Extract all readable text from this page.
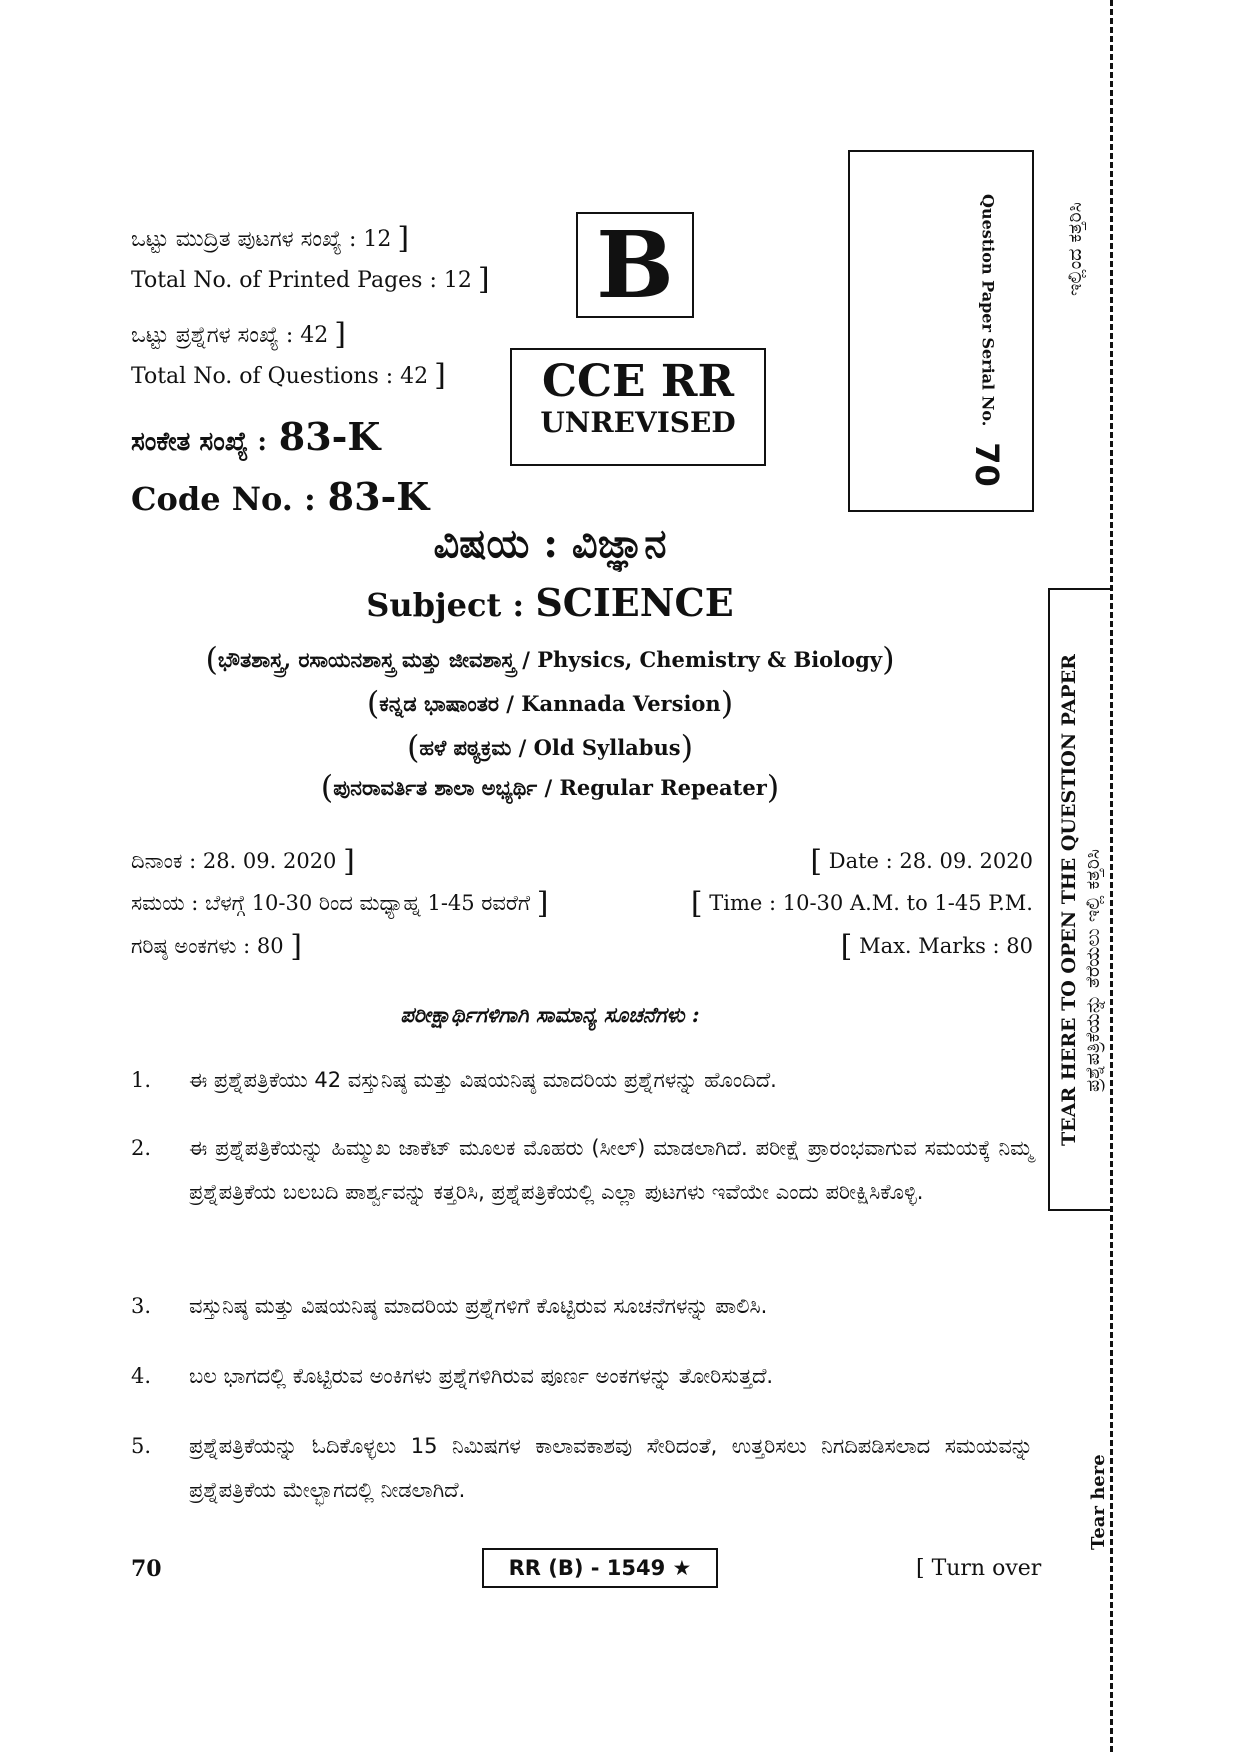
ಒಟ್ಟು ಮುದ್ರಿತ ಪುಟಗಳ ಸಂಖ್ಯೆ : 12 ]
Total No. of Printed Pages : 12 ]
ಒಟ್ಟು ಪ್ರಶ್ನೆಗಳ ಸಂಖ್ಯೆ : 42 ]
Total No. of Questions : 42 ]
ಸಂಕೇತ ಸಂಖ್ಯೆ : 83-K
Code No. : 83-K
B
CCE RR
UNREVISED	Question Paper Serial No.70
ವಿಷಯ : ವಿಜ್ಞಾನ
Subject : SCIENCE
(ಭೌತಶಾಸ್ತ್ರ, ರಸಾಯನಶಾಸ್ತ್ರ ಮತ್ತು ಜೀವಶಾಸ್ತ್ರ / Physics, Chemistry & Biology)
(ಕನ್ನಡ ಭಾಷಾಂತರ / Kannada Version)
(ಹಳೆ ಪಠ್ಯಕ್ರಮ / Old Syllabus)
(ಪುನರಾವರ್ತಿತ ಶಾಲಾ ಅಭ್ಯರ್ಥಿ / Regular Repeater)
ದಿನಾಂಕ : 28. 09. 2020 ]	[ Date : 28. 09. 2020
ಸಮಯ : ಬೆಳಗ್ಗೆ 10-30 ರಿಂದ ಮಧ್ಯಾಹ್ನ 1-45 ರವರೆಗೆ ]	[ Time : 10-30 A.M. to 1-45 P.M.
ಗರಿಷ್ಠ ಅಂಕಗಳು : 80 ]	[ Max. Marks : 80
ಪರೀಕ್ಷಾರ್ಥಿಗಳಿಗಾಗಿ ಸಾಮಾನ್ಯ ಸೂಚನೆಗಳು :
1. ಈ ಪ್ರಶ್ನೆಪತ್ರಿಕೆಯು 42 ವಸ್ತುನಿಷ್ಠ ಮತ್ತು ವಿಷಯನಿಷ್ಠ ಮಾದರಿಯ ಪ್ರಶ್ನೆಗಳನ್ನು ಹೊಂದಿದೆ.
2. ಈ ಪ್ರಶ್ನೆಪತ್ರಿಕೆಯನ್ನು ಹಿಮ್ಮುಖ ಜಾಕೆಟ್ ಮೂಲಕ ಮೊಹರು (ಸೀಲ್) ಮಾಡಲಾಗಿದೆ. ಪರೀಕ್ಷೆ ಪ್ರಾರಂಭವಾಗುವ ಸಮಯಕ್ಕೆ ನಿಮ್ಮ ಪ್ರಶ್ನೆಪತ್ರಿಕೆಯ ಬಲಬದಿ ಪಾರ್ಶ್ವವನ್ನು ಕತ್ತರಿಸಿ, ಪ್ರಶ್ನೆಪತ್ರಿಕೆಯಲ್ಲಿ ಎಲ್ಲಾ ಪುಟಗಳು ಇವೆಯೇ ಎಂದು ಪರೀಕ್ಷಿಸಿಕೊಳ್ಳಿ.
3. ವಸ್ತುನಿಷ್ಠ ಮತ್ತು ವಿಷಯನಿಷ್ಠ ಮಾದರಿಯ ಪ್ರಶ್ನೆಗಳಿಗೆ ಕೊಟ್ಟಿರುವ ಸೂಚನೆಗಳನ್ನು ಪಾಲಿಸಿ.
4. ಬಲ ಭಾಗದಲ್ಲಿ ಕೊಟ್ಟಿರುವ ಅಂಕಿಗಳು ಪ್ರಶ್ನೆಗಳಿಗಿರುವ ಪೂರ್ಣ ಅಂಕಗಳನ್ನು ತೋರಿಸುತ್ತದೆ.
5. ಪ್ರಶ್ನೆಪತ್ರಿಕೆಯನ್ನು ಓದಿಕೊಳ್ಳಲು 15 ನಿಮಿಷಗಳ ಕಾಲಾವಕಾಶವು ಸೇರಿದಂತೆ, ಉತ್ತರಿಸಲು ನಿಗದಿಪಡಿಸಲಾದ ಸಮಯವನ್ನು ಪ್ರಶ್ನೆಪತ್ರಿಕೆಯ ಮೇಲ್ಭಾಗದಲ್ಲಿ ನೀಡಲಾಗಿದೆ.
70	RR (B) - 1549 ★	[ Turn over
ಇಲ್ಲಿಂದ ಕತ್ತರಿಸಿ
TEAR HERE TO OPEN THE QUESTION PAPER ಪ್ರಶ್ನೆಪತ್ರಿಕೆಯನ್ನು ತೆರೆಯಲು ಇಲ್ಲಿ ಕತ್ತರಿಸಿ
Tear here
